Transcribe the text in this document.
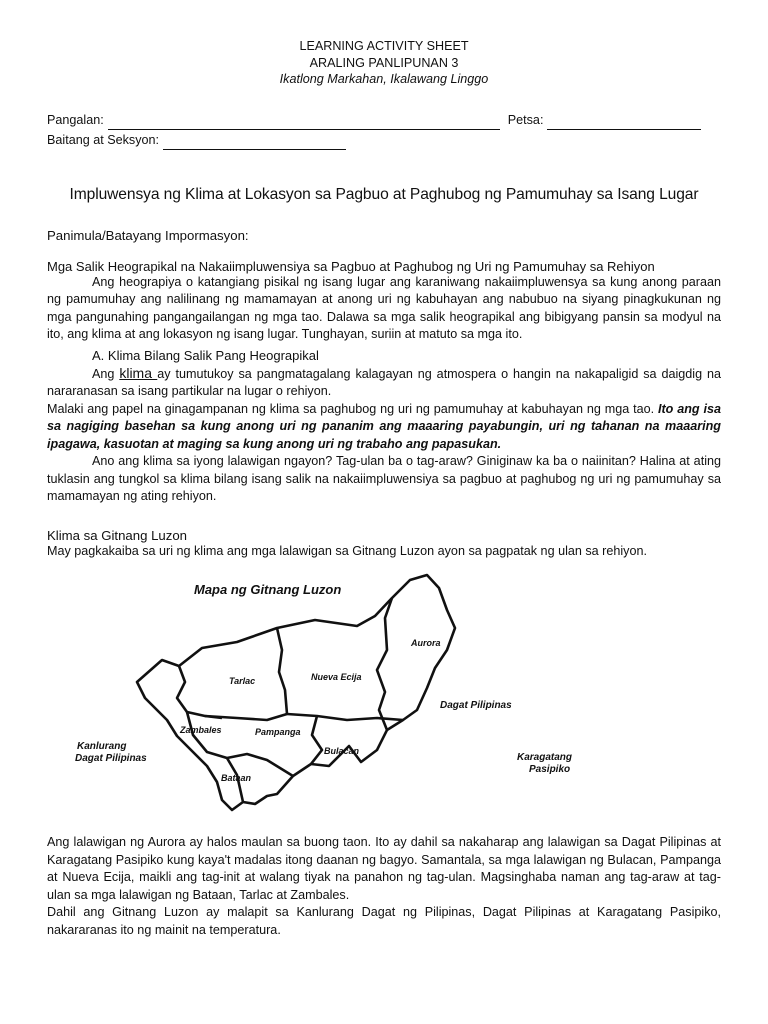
LEARNING ACTIVITY SHEET
ARALING PANLIPUNAN 3
Ikatlong Markahan, Ikalawang Linggo
Pangalan:	Petsa:
Baitang at Seksyon:
Impluwensya ng Klima at Lokasyon sa Pagbuo at Paghubog ng Pamumuhay sa Isang Lugar
Panimula/Batayang Impormasyon:
Mga Salik Heograpikal na Nakaiimpluwensiya sa Pagbuo at Paghubog ng Uri ng Pamumuhay sa Rehiyon

Ang heograpiya o katangiang pisikal ng isang lugar ang karaniwang nakaiimpluwensya sa kung anong paraan ng pamumuhay ang nalilinang ng mamamayan at anong uri ng kabuhayan ang nabubuo na siyang pinagkukunan ng mga pangunahing pangangailangan ng mga tao. Dalawa sa mga salik heograpikal ang bibigyang pansin sa modyul na ito, ang klima at ang lokasyon ng isang lugar. Tunghayan, suriin at matuto sa mga ito.

A. Klima Bilang Salik Pang Heograpikal

Ang klima ay tumutukoy sa pangmatagalang kalagayan ng atmospera o hangin na nakapaligid sa daigdig na nararanasan sa isang partikular na lugar o rehiyon.

Malaki ang papel na ginagampanan ng klima sa paghubog ng uri ng pamumuhay at kabuhayan ng mga tao. Ito ang isa sa nagiging basehan sa kung anong uri ng pananim ang maaaring payabungin, uri ng tahanan na maaaring ipagawa, kasuotan at maging sa kung anong uri ng trabaho ang papasukan.

Ano ang klima sa iyong lalawigan ngayon? Tag-ulan ba o tag-araw? Giniginaw ka ba o naiinitan? Halina at ating tuklasin ang tungkol sa klima bilang isang salik na nakaiimpluwensiya sa pagbuo at paghubog ng uri ng pamumuhay sa mamamayan ng ating rehiyon.

Klima sa Gitnang Luzon

May pagkakaiba sa uri ng klima ang mga lalawigan sa Gitnang Luzon ayon sa pagpatak ng ulan sa rehiyon.

Mapa ng Gitnang Luzon
Tarlac	Nueva Ecija
Aurora
Zambales	Pampanga
Bulacan
Bataan
Dagat Pilipinas
Kanlurang
Dagat Pilipinas	Karagatang
Pasipiko

Ang lalawigan ng Aurora ay halos maulan sa buong taon. Ito ay dahil sa nakaharap ang lalawigan sa Dagat Pilipinas at Karagatang Pasipiko kung kaya't madalas itong daanan ng bagyo. Samantala, sa mga lalawigan ng Bulacan, Pampanga at Nueva Ecija, maikli ang tag-init at walang tiyak na panahon ng tag-ulan. Magsinghaba naman ang tag-araw at tag-ulan sa mga lalawigan ng Bataan, Tarlac at Zambales.

Dahil ang Gitnang Luzon ay malapit sa Kanlurang Dagat ng Pilipinas, Dagat Pilipinas at Karagatang Pasipiko, nakararanas ito ng mainit na temperatura.
